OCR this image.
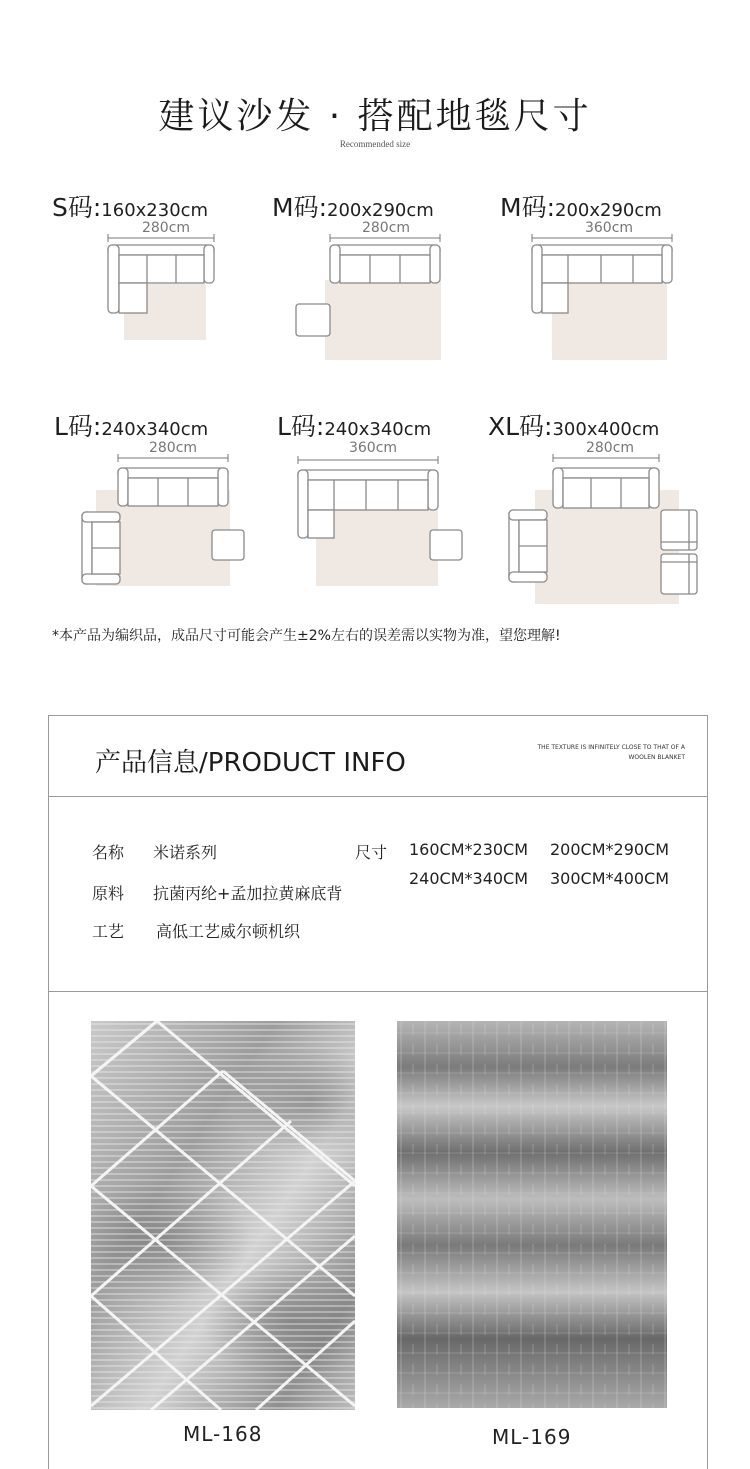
建议沙发 · 搭配地毯尺寸
Recommended size
S码:160x230cm	M码:200x290cm	M码:200x290cm
L码:240x340cm	L码:240x340cm XL码:300x400cm
280cm	280cm	360cm
280cm	360cm	280cm
*本产品为编织品，成品尺寸可能会产生±2%左右的误差需以实物为准，望您理解!
产品信息/PRODUCT INFO
THE TEXTURE IS INFINITELY CLOSE TO THAT OF A
WOOLEN BLANKET
名称 米诺系列
原料 抗菌丙纶+孟加拉黄麻底背
工艺 高低工艺威尔顿机织
尺寸 160CM*230CM 200CM*290CM
240CM*340CM 300CM*400CM
ML-168	ML-169
